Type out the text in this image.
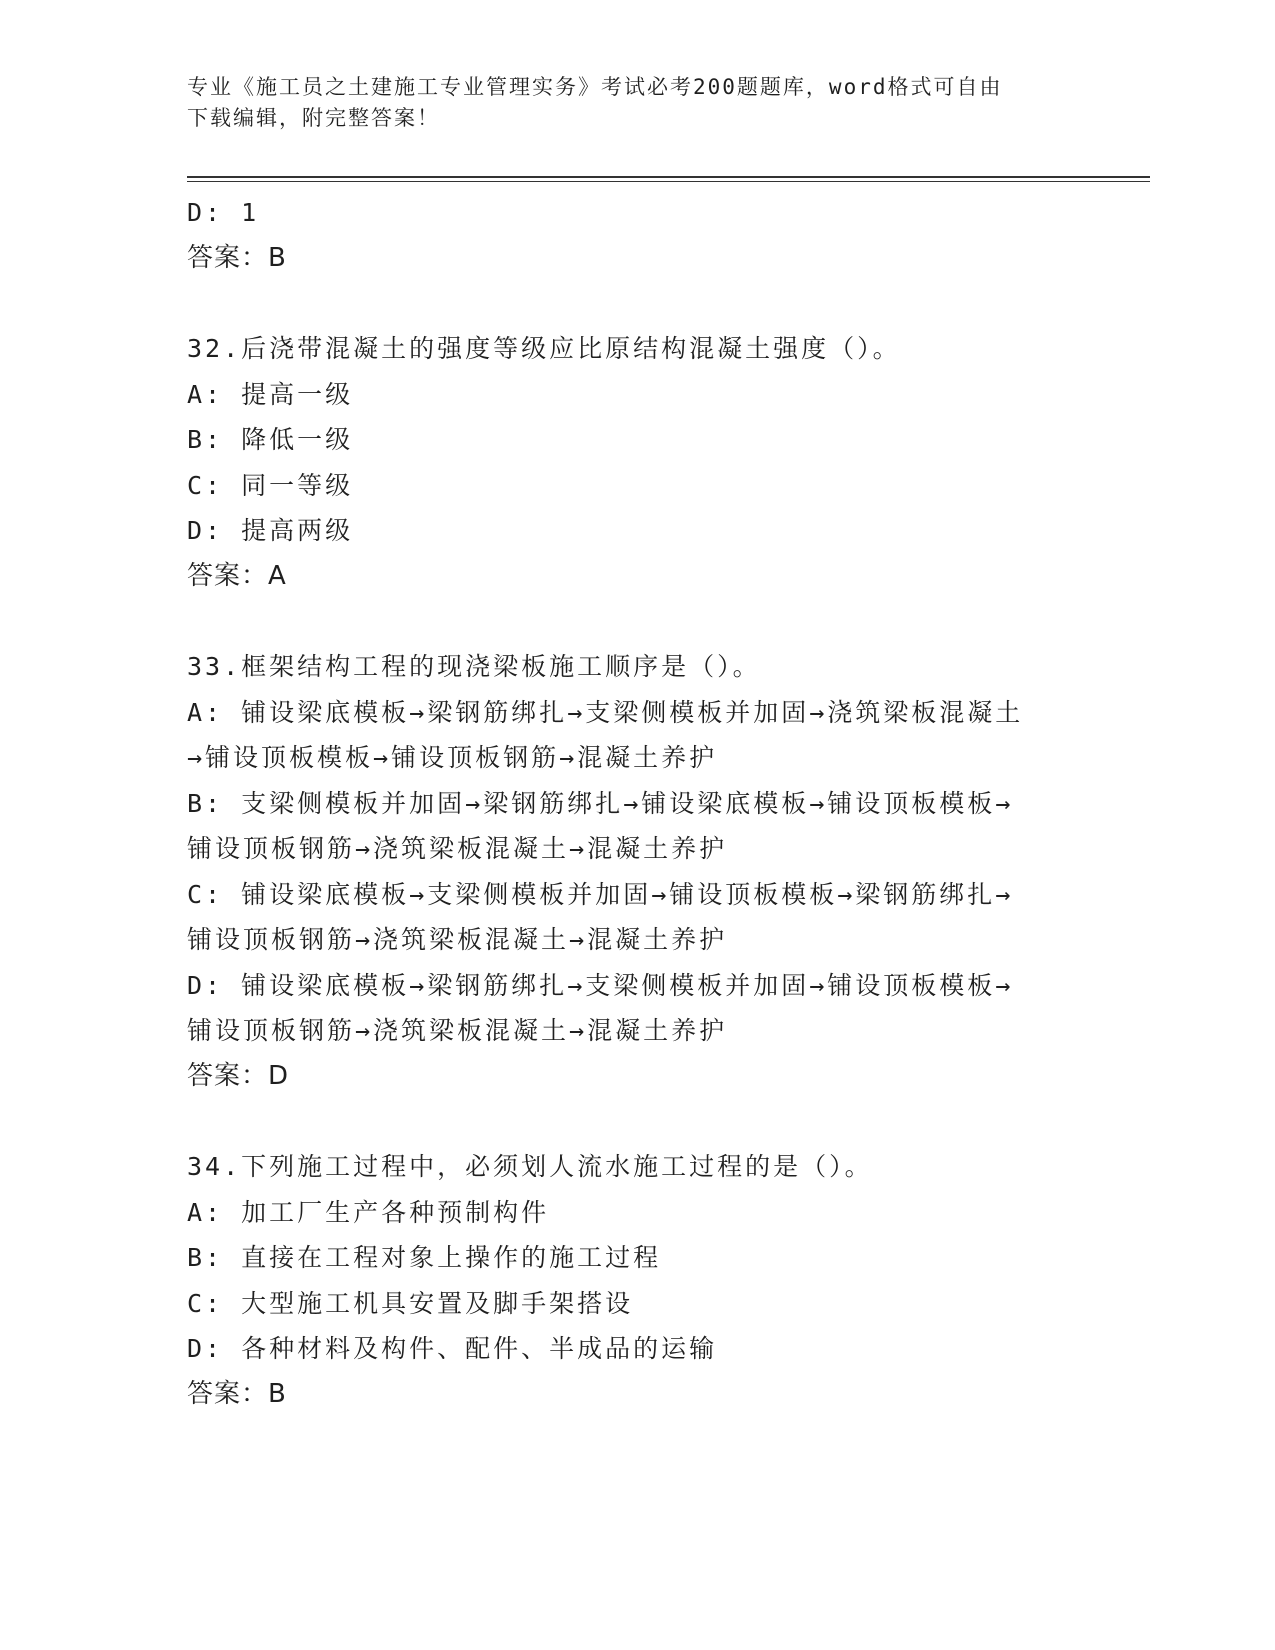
专业《施工员之土建施工专业管理实务》考试必考200题题库，word格式可自由
下载编辑，附完整答案！
D: 1
答案：B
32.后浇带混凝土的强度等级应比原结构混凝土强度（）。
A: 提高一级
B: 降低一级
C: 同一等级
D: 提高两级
答案：A
33.框架结构工程的现浇梁板施工顺序是（）。
A: 铺设梁底模板→梁钢筋绑扎→支梁侧模板并加固→浇筑梁板混凝土
→铺设顶板模板→铺设顶板钢筋→混凝土养护
B: 支梁侧模板并加固→梁钢筋绑扎→铺设梁底模板→铺设顶板模板→
铺设顶板钢筋→浇筑梁板混凝土→混凝土养护
C: 铺设梁底模板→支梁侧模板并加固→铺设顶板模板→梁钢筋绑扎→
铺设顶板钢筋→浇筑梁板混凝土→混凝土养护
D: 铺设梁底模板→梁钢筋绑扎→支梁侧模板并加固→铺设顶板模板→
铺设顶板钢筋→浇筑梁板混凝土→混凝土养护
答案：D
34.下列施工过程中，必须划人流水施工过程的是（）。
A: 加工厂生产各种预制构件
B: 直接在工程对象上操作的施工过程
C: 大型施工机具安置及脚手架搭设
D: 各种材料及构件、配件、半成品的运输
答案：B
